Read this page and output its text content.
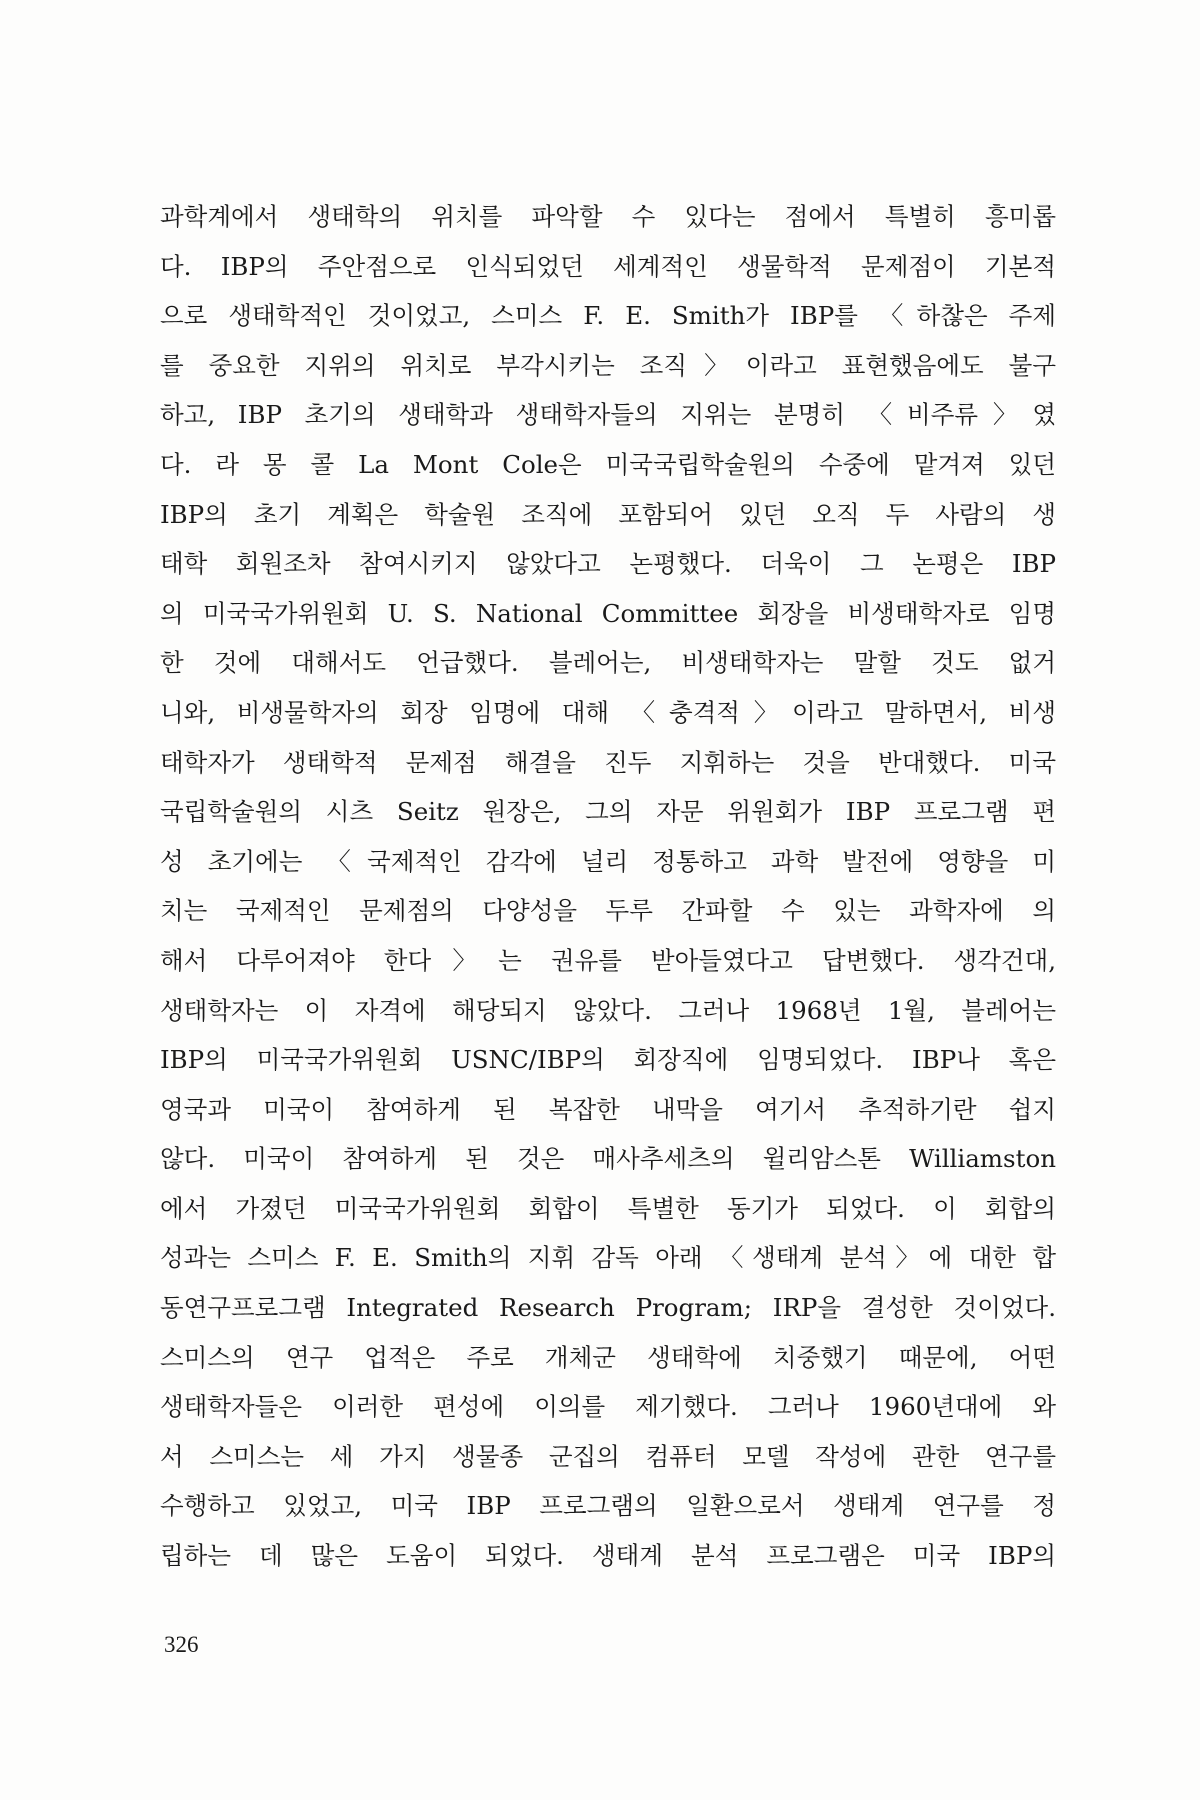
과학계에서 생태학의 위치를 파악할 수 있다는 점에서 특별히 흥미롭
다. IBP의 주안점으로 인식되었던 세계적인 생물학적 문제점이 기본적
으로 생태학적인 것이었고, 스미스 F. E. Smith가 IBP를 〈하찮은 주제
를 중요한 지위의 위치로 부각시키는 조직〉이라고 표현했음에도 불구
하고, IBP 초기의 생태학과 생태학자들의 지위는 분명히 〈비주류〉였
다. 라 몽 콜 La Mont Cole은 미국국립학술원의 수중에 맡겨져 있던
IBP의 초기 계획은 학술원 조직에 포함되어 있던 오직 두 사람의 생
태학 회원조차 참여시키지 않았다고 논평했다. 더욱이 그 논평은 IBP
의 미국국가위원회 U. S. National Committee 회장을 비생태학자로 임명
한 것에 대해서도 언급했다. 블레어는, 비생태학자는 말할 것도 없거
니와, 비생물학자의 회장 임명에 대해 〈충격적〉이라고 말하면서, 비생
태학자가 생태학적 문제점 해결을 진두 지휘하는 것을 반대했다. 미국
국립학술원의 시츠 Seitz 원장은, 그의 자문 위원회가 IBP 프로그램 편
성 초기에는 〈국제적인 감각에 널리 정통하고 과학 발전에 영향을 미
치는 국제적인 문제점의 다양성을 두루 간파할 수 있는 과학자에 의
해서 다루어져야 한다〉는 권유를 받아들였다고 답변했다. 생각건대,
생태학자는 이 자격에 해당되지 않았다. 그러나 1968년 1월, 블레어는
IBP의 미국국가위원회 USNC/IBP의 회장직에 임명되었다. IBP나 혹은
영국과 미국이 참여하게 된 복잡한 내막을 여기서 추적하기란 쉽지
않다. 미국이 참여하게 된 것은 매사추세츠의 윌리암스톤 Williamston
에서 가졌던 미국국가위원회 회합이 특별한 동기가 되었다. 이 회합의
성과는 스미스 F. E. Smith의 지휘 감독 아래 〈생태계 분석〉에 대한 합
동연구프로그램 Integrated Research Program; IRP을 결성한 것이었다.
스미스의 연구 업적은 주로 개체군 생태학에 치중했기 때문에, 어떤
생태학자들은 이러한 편성에 이의를 제기했다. 그러나 1960년대에 와
서 스미스는 세 가지 생물종 군집의 컴퓨터 모델 작성에 관한 연구를
수행하고 있었고, 미국 IBP 프로그램의 일환으로서 생태계 연구를 정
립하는 데 많은 도움이 되었다. 생태계 분석 프로그램은 미국 IBP의

326
